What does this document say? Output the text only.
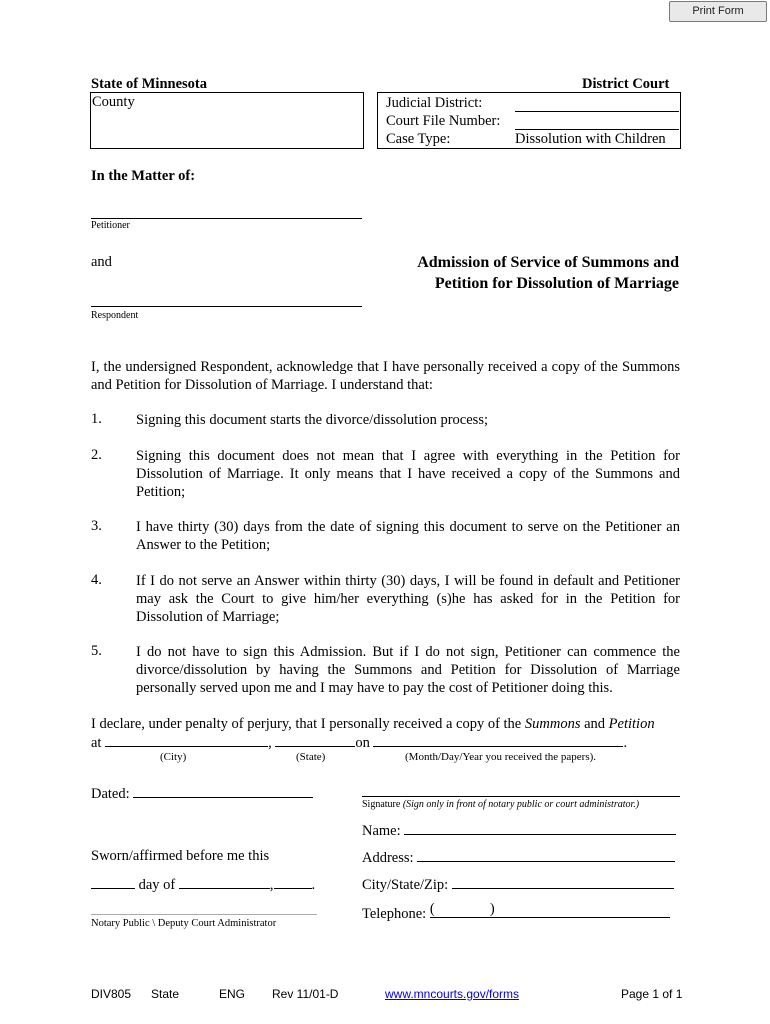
Print Form
State of Minnesota
County
District Court
Judicial District:
Court File Number:
Case Type:	Dissolution with Children
In the Matter of:
Petitioner
and
Respondent
Admission of Service of Summons and
Petition for Dissolution of Marriage
I, the undersigned Respondent, acknowledge that I have personally received a copy of the Summons and Petition for Dissolution of Marriage. I understand that:
1. Signing this document starts the divorce/dissolution process;
2. Signing this document does not mean that I agree with everything in the Petition for Dissolution of Marriage. It only means that I have received a copy of the Summons and Petition;
3. I have thirty (30) days from the date of signing this document to serve on the Petitioner an Answer to the Petition;
4. If I do not serve an Answer within thirty (30) days, I will be found in default and Petitioner may ask the Court to give him/her everything (s)he has asked for in the Petition for Dissolution of Marriage;
5. I do not have to sign this Admission. But if I do not sign, Petitioner can commence the divorce/dissolution by having the Summons and Petition for Dissolution of Marriage personally served upon me and I may have to pay the cost of Petitioner doing this.
I declare, under penalty of perjury, that I personally received a copy of the Summons and Petition
at	,	on	.
(City)	(State)	(Month/Day/Year you received the papers).
Dated:
Signature (Sign only in front of notary public or court administrator.)
Name:
Address:
City/State/Zip:
Telephone: (	)
Sworn/affirmed before me this
day of	,	.
Notary Public \ Deputy Court Administrator
DIV805 State	ENG Rev 11/01-D	www.mncourts.gov/forms	Page 1 of 1
